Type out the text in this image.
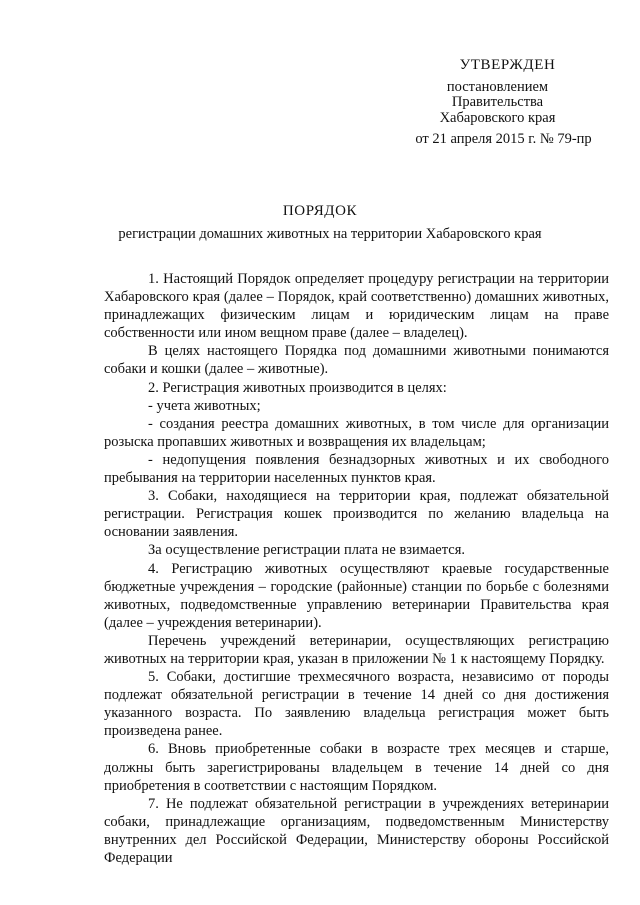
УТВЕРЖДЕН
постановлением
Правительства
Хабаровского края
от 21 апреля 2015 г. № 79-пр
ПОРЯДОК
регистрации домашних животных на территории Хабаровского края

1. Настоящий Порядок определяет процедуру регистрации на территории Хабаровского края (далее – Порядок, край соответственно) домашних животных, принадлежащих физическим лицам и юридическим лицам на праве собственности или ином вещном праве (далее – владелец).

В целях настоящего Порядка под домашними животными понимаются собаки и кошки (далее – животные).

2. Регистрация животных производится в целях:

- учета животных;

- создания реестра домашних животных, в том числе для организации розыска пропавших животных и возвращения их владельцам;

- недопущения появления безнадзорных животных и их свободного пребывания на территории населенных пунктов края.

3. Собаки, находящиеся на территории края, подлежат обязательной регистрации. Регистрация кошек производится по желанию владельца на основании заявления.

За осуществление регистрации плата не взимается.

4. Регистрацию животных осуществляют краевые государственные бюджетные учреждения – городские (районные) станции по борьбе с болезнями животных, подведомственные управлению ветеринарии Правительства края (далее – учреждения ветеринарии).

Перечень учреждений ветеринарии, осуществляющих регистрацию животных на территории края, указан в приложении № 1 к настоящему Порядку.

5. Собаки, достигшие трехмесячного возраста, независимо от породы подлежат обязательной регистрации в течение 14 дней со дня достижения указанного возраста. По заявлению владельца регистрация может быть произведена ранее.

6. Вновь приобретенные собаки в возрасте трех месяцев и старше, должны быть зарегистрированы владельцем в течение 14 дней со дня приобретения в соответствии с настоящим Порядком.

7. Не подлежат обязательной регистрации в учреждениях ветеринарии собаки, принадлежащие организациям, подведомственным Министерству внутренних дел Российской Федерации, Министерству обороны Российской Федерации
